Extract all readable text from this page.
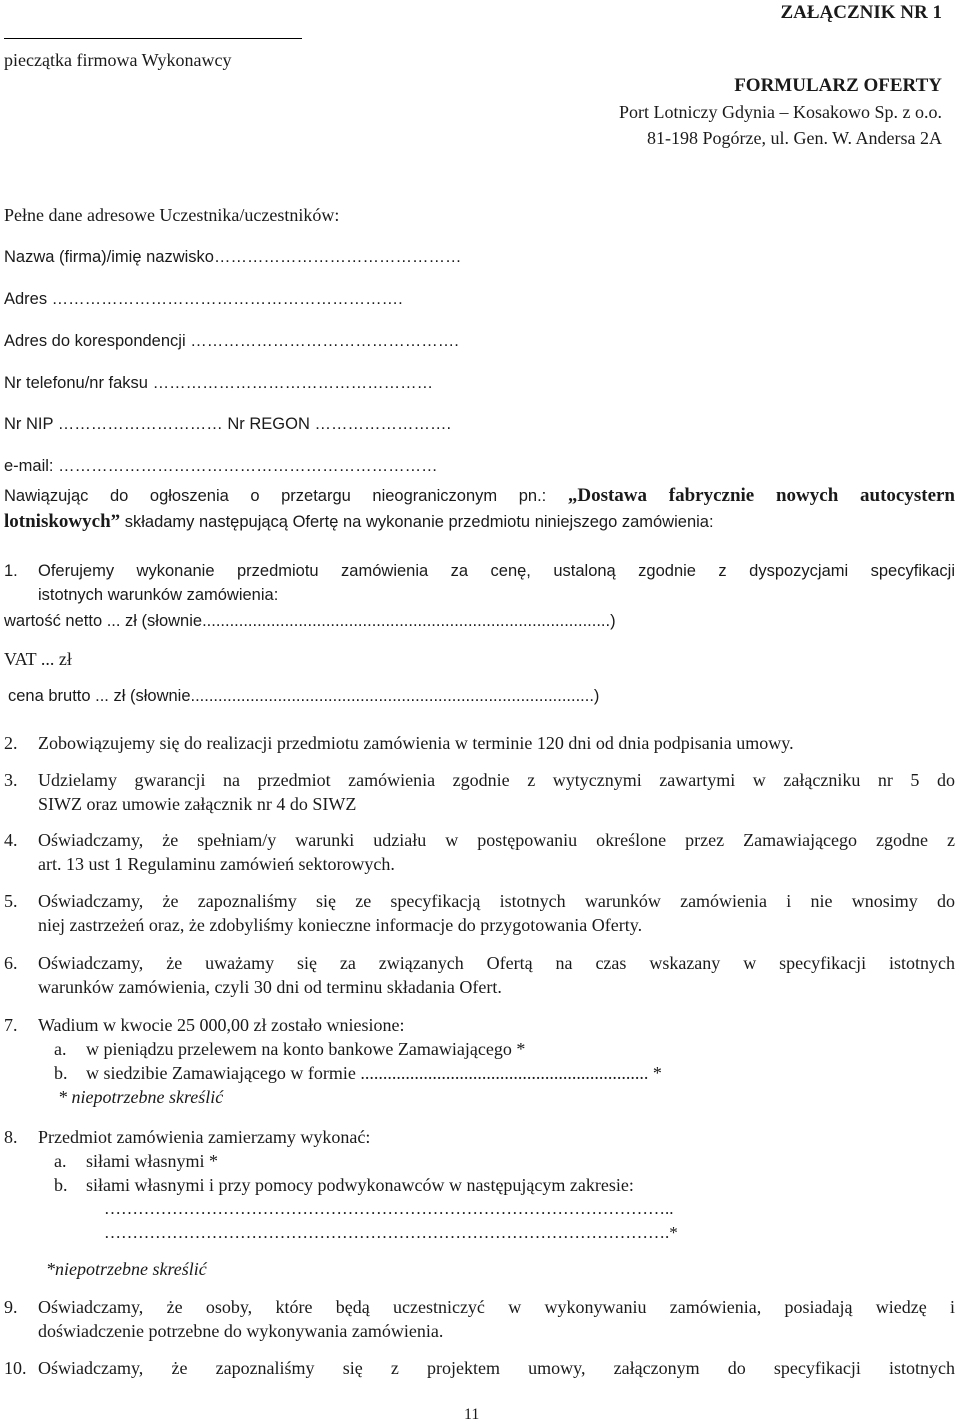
ZAŁĄCZNIK NR 1
pieczątka firmowa Wykonawcy
FORMULARZ OFERTY
Port Lotniczy Gdynia – Kosakowo Sp. z o.o.
81-198 Pogórze, ul. Gen. W. Andersa 2A
Pełne dane adresowe Uczestnika/uczestników:
Nazwa (firma)/imię nazwisko………………………………………
Adres ……………………………………………………….
Adres do korespondencji ………………………………………….
Nr telefonu/nr faksu ……………………………………………
Nr NIP ………………………… Nr REGON …………………….
e-mail: ……………………………………………………………
Nawiązując do ogłoszenia o przetargu nieograniczonym pn.: „Dostawa fabrycznie nowych autocystern
lotniskowych” składamy następującą Ofertę na wykonanie przedmiotu niniejszego zamówienia:
1. Oferujemy wykonanie przedmiotu zamówienia za cenę, ustaloną zgodnie z dyspozycjami specyfikacji
istotnych warunków zamówienia:
wartość netto ... zł (słownie.........................................................................................)
VAT ... zł
cena brutto ... zł (słownie........................................................................................)
2. Zobowiązujemy się do realizacji przedmiotu zamówienia w terminie 120 dni od dnia podpisania umowy.
3. Udzielamy gwarancji na przedmiot zamówienia zgodnie z wytycznymi zawartymi w załączniku nr 5 do
SIWZ oraz umowie załącznik nr 4 do SIWZ
4. Oświadczamy, że spełniam/y warunki udziału w postępowaniu określone przez Zamawiającego zgodne z
art. 13 ust 1 Regulaminu zamówień sektorowych.
5. Oświadczamy, że zapoznaliśmy się ze specyfikacją istotnych warunków zamówienia i nie wnosimy do
niej zastrzeżeń oraz, że zdobyliśmy konieczne informacje do przygotowania Oferty.
6. Oświadczamy, że uważamy się za związanych Ofertą na czas wskazany w specyfikacji istotnych
warunków zamówienia, czyli 30 dni od terminu składania Ofert.
7. Wadium w kwocie 25 000,00 zł zostało wniesione:
a. w pieniądzu przelewem na konto bankowe Zamawiającego *
b. w siedzibie Zamawiającego w formie ................................................................ *
* niepotrzebne skreślić
8. Przedmiot zamówienia zamierzamy wykonać:
a. siłami własnymi *
b. siłami własnymi i przy pomocy podwykonawców w następującym zakresie:
………………………………………………………………………………………..
……………………………………………………………………………………….*
*niepotrzebne skreślić
9. Oświadczamy, że osoby, które będą uczestniczyć w wykonywaniu zamówienia, posiadają wiedzę i
doświadczenie potrzebne do wykonywania zamówienia.
10. Oświadczamy, że zapoznaliśmy się z projektem umowy, załączonym do specyfikacji istotnych
11
